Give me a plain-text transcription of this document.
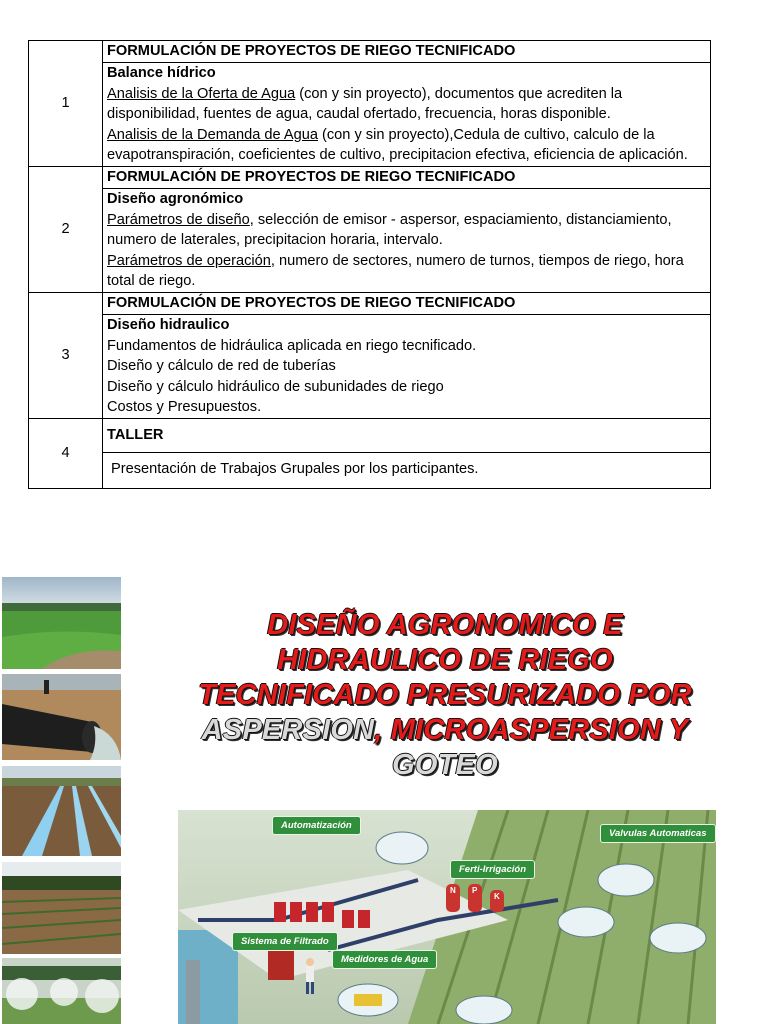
1	FORMULACIÓN DE PROYECTOS DE RIEGO TECNIFICADO

	Balance hídrico
Analisis de la Oferta de Agua (con y sin proyecto), documentos que acrediten la disponibilidad, fuentes de agua, caudal ofertado, frecuencia, horas disponible.
Analisis de la Demanda de Agua (con y sin proyecto),Cedula de cultivo, calculo de la evapotranspiración, coeficientes de cultivo, precipitacion efectiva, eficiencia de aplicación.
2	FORMULACIÓN DE PROYECTOS DE RIEGO TECNIFICADO

	Diseño agronómico
Parámetros de diseño, selección de emisor - aspersor, espaciamiento, distanciamiento, numero de laterales, precipitacion horaria, intervalo.
Parámetros de operación, numero de sectores, numero de turnos, tiempos de riego, hora total de riego.
3	FORMULACIÓN DE PROYECTOS DE RIEGO TECNIFICADO

	Diseño hidraulico
Fundamentos de hidráulica aplicada en riego tecnificado.
Diseño y cálculo de red de tuberías
Diseño y cálculo hidráulico de subunidades de riego
Costos y Presupuestos.
4	TALLER
	Presentación de Trabajos Grupales por los participantes.
DISEÑO AGRONOMICO E
HIDRAULICO DE RIEGO
TECNIFICADO PRESURIZADO POR
ASPERSION, MICROASPERSION Y
GOTEO
Automatización
Valvulas Automaticas
Ferti-Irrigación
Sistema de Filtrado
Medidores de Agua
N P
K
